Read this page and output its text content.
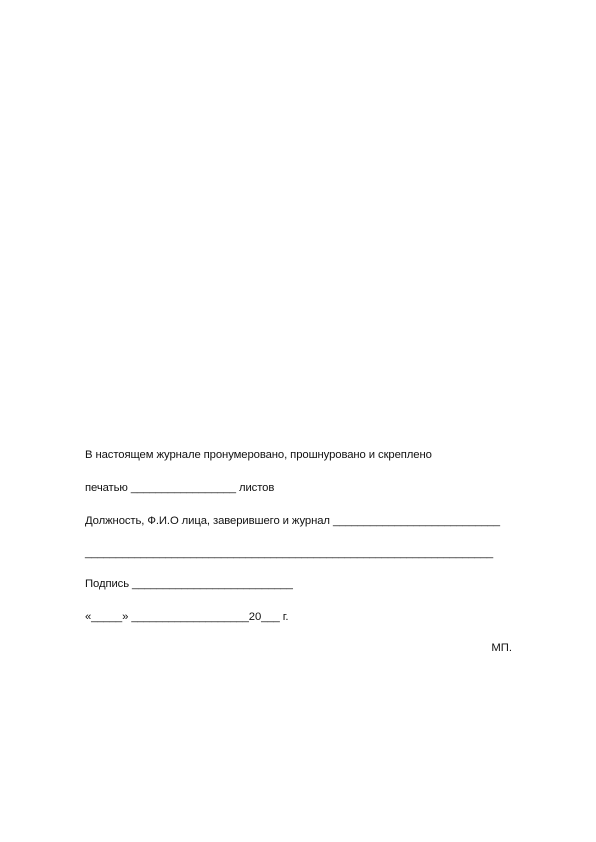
В настоящем журнале пронумеровано, прошнуровано и скреплено

печатью _________________ листов

Должность, Ф.И.О лица, заверившего и журнал ___________________________

__________________________________________________________________

Подпись __________________________

«_____» ___________________20___ г.

МП.
